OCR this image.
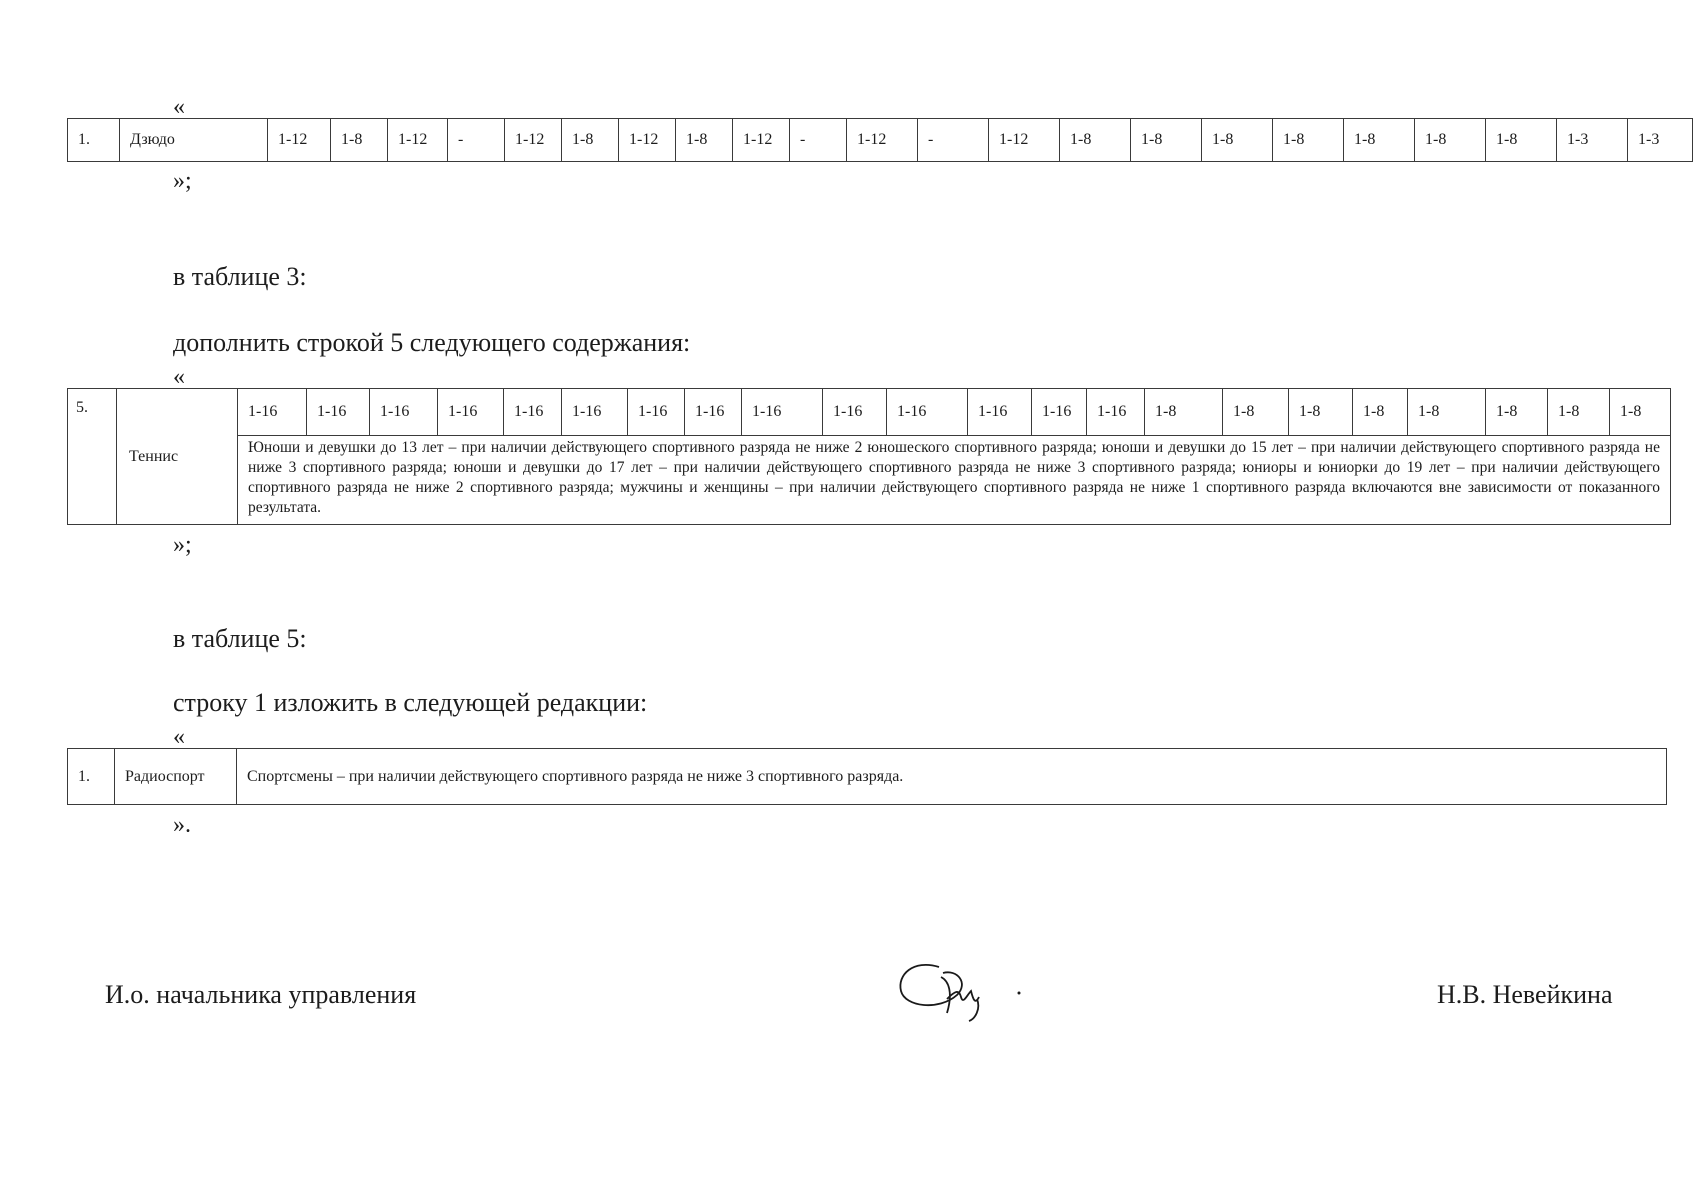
«
1.	Дзюдо	1-12	1-8	1-12	-	1-12	1-8	1-12	1-8	1-12	-	1-12	-	1-12	1-8	1-8	1-8	1-8	1-8	1-8	1-8	1-3	1-3
»;
в таблице 3:
дополнить строкой 5 следующего содержания:
«
5.	Теннис	1-16	1-16	1-16	1-16	1-16	1-16	1-16	1-16	1-16	1-16	1-16	1-16	1-16	1-16	1-8	1-8	1-8	1-8	1-8	1-8	1-8	1-8
Юноши и девушки до 13 лет – при наличии действующего спортивного разряда не ниже 2 юношеского спортивного разряда; юноши и девушки до 15 лет – при наличии действующего спортивного разряда не ниже 3 спортивного разряда; юноши и девушки до 17 лет – при наличии действующего спортивного разряда не ниже 3 спортивного разряда; юниоры и юниорки до 19 лет – при наличии действующего спортивного разряда не ниже 2 спортивного разряда; мужчины и женщины – при наличии действующего спортивного разряда не ниже 1 спортивного разряда включаются вне зависимости от показанного результата.
»;
в таблице 5:
строку 1 изложить в следующей редакции:
«
1.	Радиоспорт	Спортсмены – при наличии действующего спортивного разряда не ниже 3 спортивного разряда.
».
И.о. начальника управления	Н.В. Невейкина
